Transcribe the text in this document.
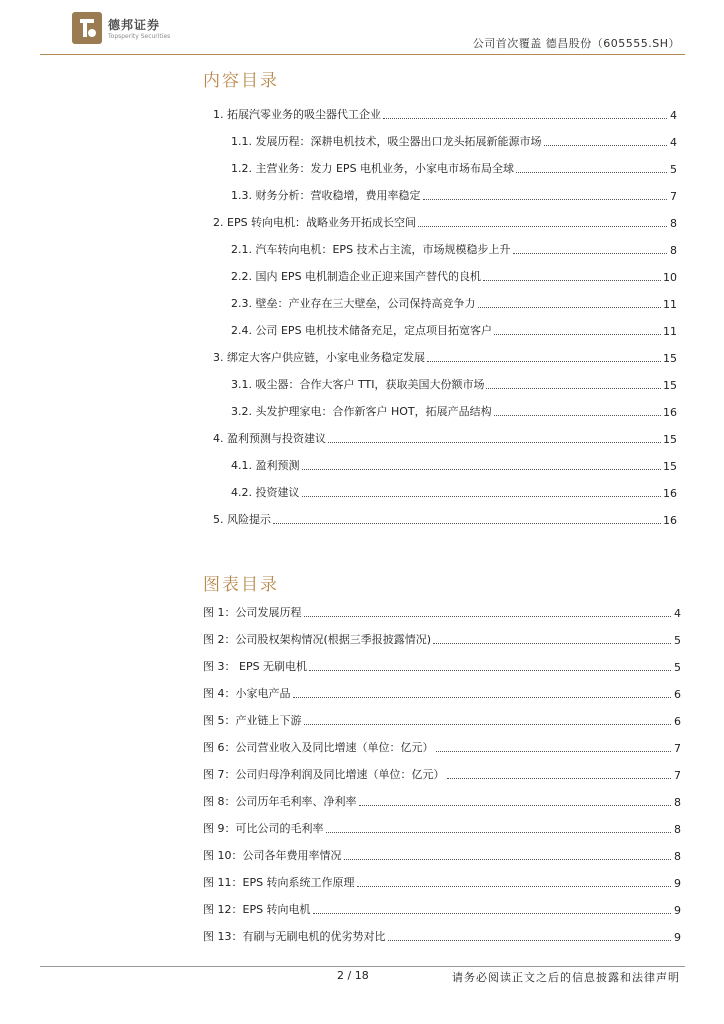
德邦证券
Topsperity Securities
公司首次覆盖 德昌股份（605555.SH）
内容目录
1. 拓展汽零业务的吸尘器代工企业	4
1.1. 发展历程：深耕电机技术，吸尘器出口龙头拓展新能源市场	4
1.2. 主营业务：发力 EPS 电机业务，小家电市场布局全球	5
1.3. 财务分析：营收稳增，费用率稳定	7
2. EPS 转向电机：战略业务开拓成长空间	8
2.1. 汽车转向电机：EPS 技术占主流，市场规模稳步上升	8
2.2. 国内 EPS 电机制造企业正迎来国产替代的良机	10
2.3. 壁垒：产业存在三大壁垒，公司保持高竞争力	11
2.4. 公司 EPS 电机技术储备充足，定点项目拓宽客户	11
3. 绑定大客户供应链，小家电业务稳定发展	15
3.1. 吸尘器：合作大客户 TTI，获取美国大份额市场	15
3.2. 头发护理家电：合作新客户 HOT，拓展产品结构	16
4. 盈利预测与投资建议	15
4.1. 盈利预测	15
4.2. 投资建议	16
5. 风险提示	16
图表目录
图 1：公司发展历程	4
图 2：公司股权架构情况(根据三季报披露情况)	5
图 3： EPS 无刷电机	5
图 4：小家电产品	6
图 5：产业链上下游	6
图 6：公司营业收入及同比增速（单位：亿元）	7
图 7：公司归母净利润及同比增速（单位：亿元）	7
图 8：公司历年毛利率、净利率	8
图 9：可比公司的毛利率	8
图 10：公司各年费用率情况	8
图 11：EPS 转向系统工作原理	9
图 12：EPS 转向电机	9
图 13：有刷与无刷电机的优劣势对比	9
2 / 18	请务必阅读正文之后的信息披露和法律声明
